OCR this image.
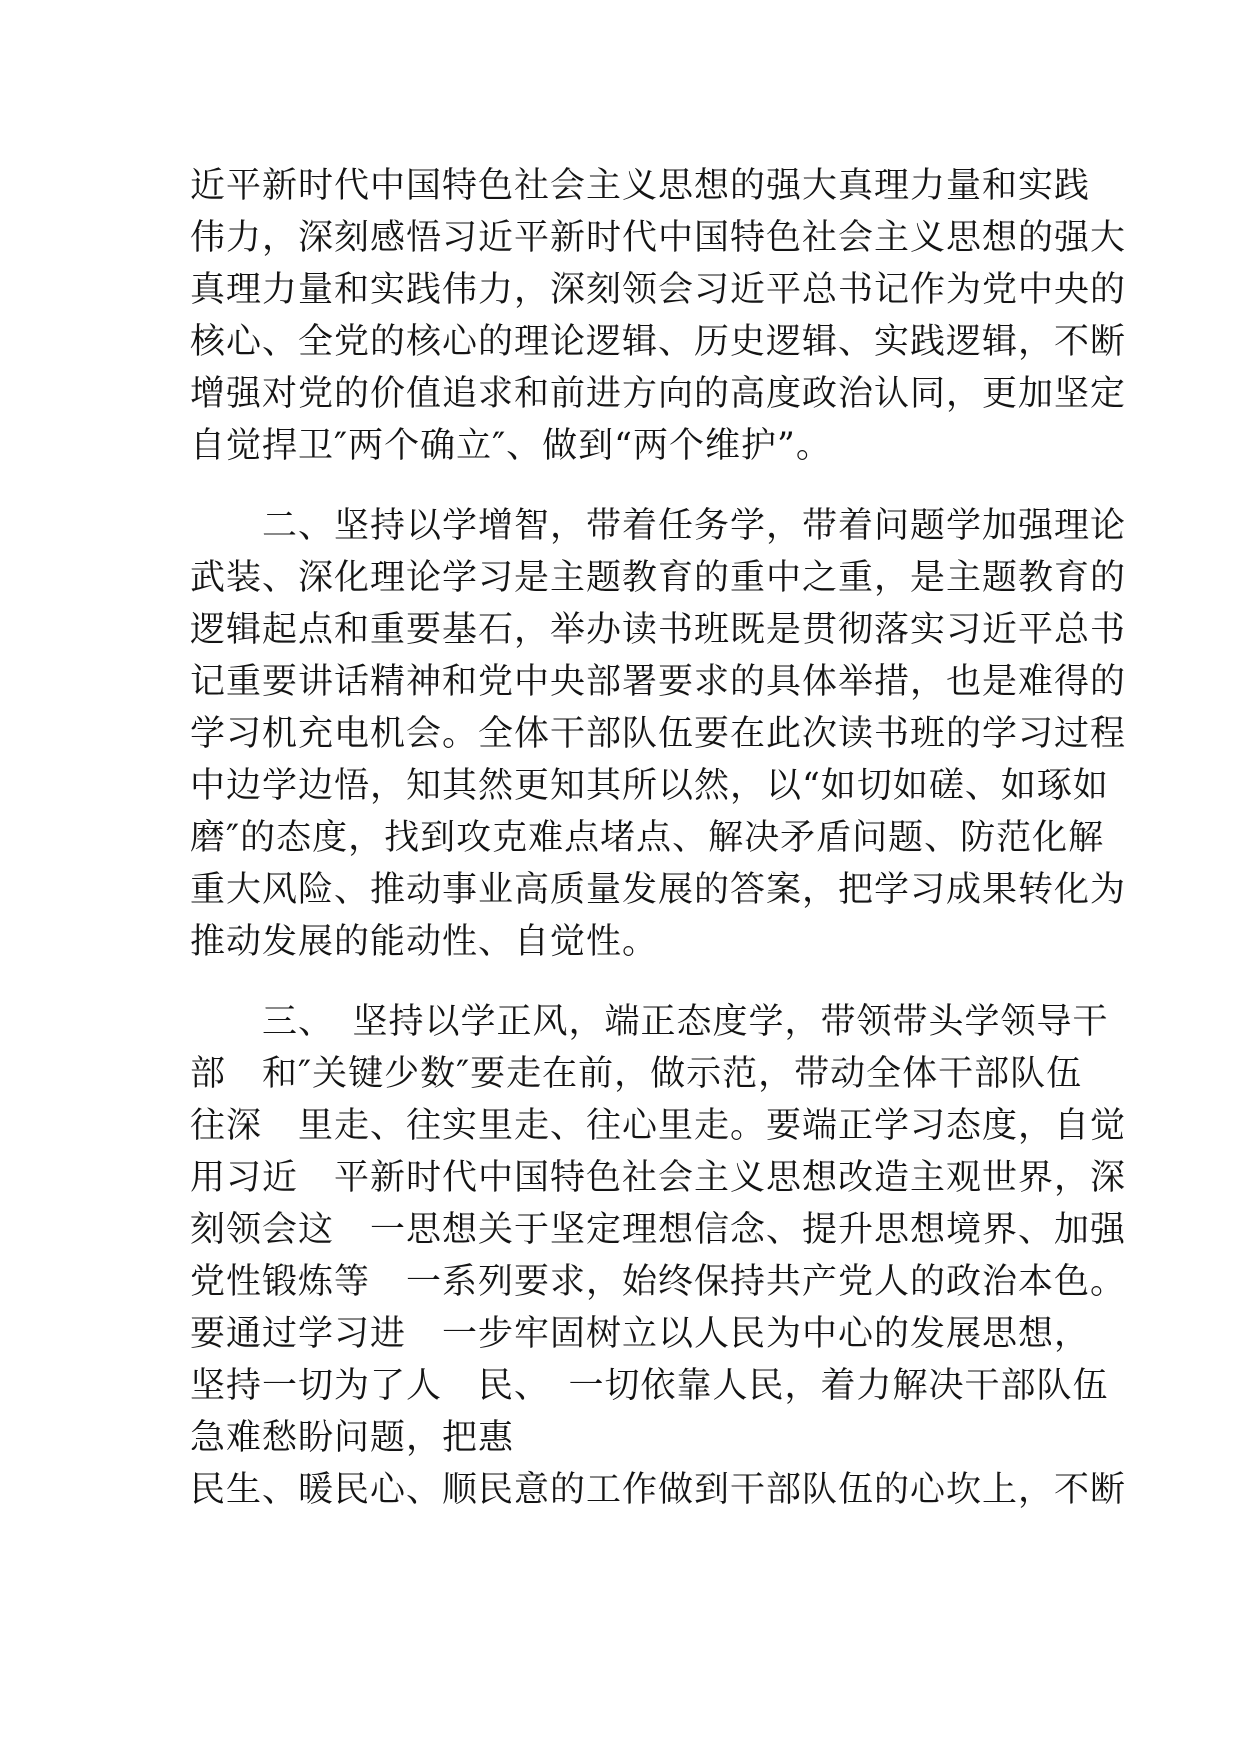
近平新时代中国特色社会主义思想的强大真理力量和实践
伟力，深刻感悟习近平新时代中国特色社会主义思想的强大
真理力量和实践伟力，深刻领会习近平总书记作为党中央的
核心、全党的核心的理论逻辑、历史逻辑、实践逻辑，不断
增强对党的价值追求和前进方向的高度政治认同，更加坚定
自觉捍卫″两个确立″、做到“两个维护”。
　　二、坚持以学增智，带着任务学，带着问题学加强理论
武装、深化理论学习是主题教育的重中之重，是主题教育的
逻辑起点和重要基石，举办读书班既是贯彻落实习近平总书
记重要讲话精神和党中央部署要求的具体举措，也是难得的
学习机充电机会。全体干部队伍要在此次读书班的学习过程
中边学边悟，知其然更知其所以然，以“如切如磋、如琢如
磨″的态度，找到攻克难点堵点、解决矛盾问题、防范化解
重大风险、推动事业高质量发展的答案，把学习成果转化为
推动发展的能动性、自觉性。
　　三、　坚持以学正风，端正态度学，带领带头学领导干
部　和″关键少数″要走在前，做示范，带动全体干部队伍
往深　里走、往实里走、往心里走。要端正学习态度，自觉
用习近　平新时代中国特色社会主义思想改造主观世界，深
刻领会这　一思想关于坚定理想信念、提升思想境界、加强
党性锻炼等　一系列要求，始终保持共产党人的政治本色。
要通过学习进　一步牢固树立以人民为中心的发展思想，
坚持一切为了人　民、　一切依靠人民，着力解决干部队伍
急难愁盼问题，把惠
民生、暖民心、顺民意的工作做到干部队伍的心坎上，不断
